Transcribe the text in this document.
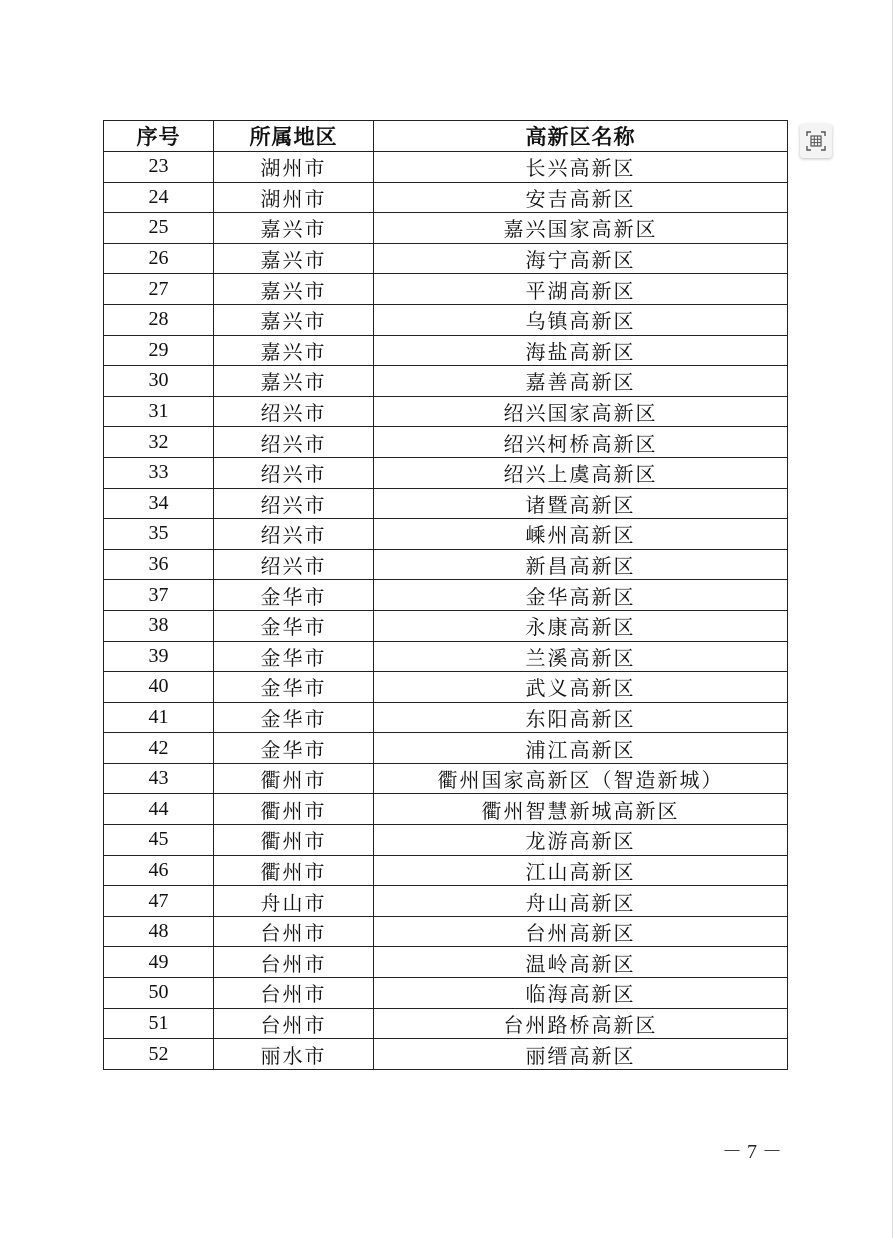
序号	所属地区	高新区名称
23	湖州市	长兴高新区
24	湖州市	安吉高新区
25	嘉兴市	嘉兴国家高新区
26	嘉兴市	海宁高新区
27	嘉兴市	平湖高新区
28	嘉兴市	乌镇高新区
29	嘉兴市	海盐高新区
30	嘉兴市	嘉善高新区
31	绍兴市	绍兴国家高新区
32	绍兴市	绍兴柯桥高新区
33	绍兴市	绍兴上虞高新区
34	绍兴市	诸暨高新区
35	绍兴市	嵊州高新区
36	绍兴市	新昌高新区
37	金华市	金华高新区
38	金华市	永康高新区
39	金华市	兰溪高新区
40	金华市	武义高新区
41	金华市	东阳高新区
42	金华市	浦江高新区
43	衢州市	衢州国家高新区（智造新城）
44	衢州市	衢州智慧新城高新区
45	衢州市	龙游高新区
46	衢州市	江山高新区
47	舟山市	舟山高新区
48	台州市	台州高新区
49	台州市	温岭高新区
50	台州市	临海高新区
51	台州市	台州路桥高新区
52	丽水市	丽缙高新区
－ 7 －
